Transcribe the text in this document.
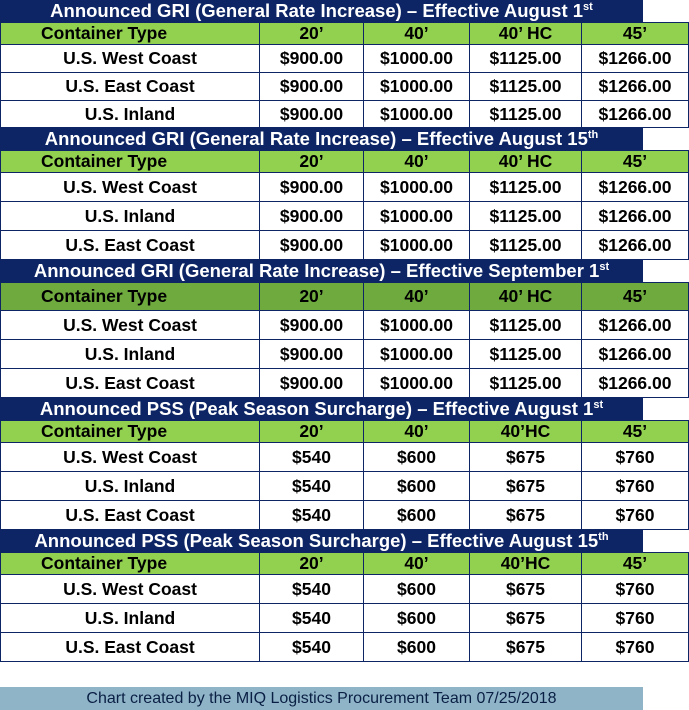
Announced GRI (General Rate Increase) – Effective August 1st
Container Type	20’	40’	40’ HC	45’
U.S. West Coast	$900.00	$1000.00	$1125.00	$1266.00
U.S. East Coast	$900.00	$1000.00	$1125.00	$1266.00
U.S. Inland	$900.00	$1000.00	$1125.00	$1266.00
Announced GRI (General Rate Increase) – Effective August 15th
Container Type	20’	40’	40’ HC	45’
U.S. West Coast	$900.00	$1000.00	$1125.00	$1266.00
U.S. Inland	$900.00	$1000.00	$1125.00	$1266.00
U.S. East Coast	$900.00	$1000.00	$1125.00	$1266.00
Announced GRI (General Rate Increase) – Effective September 1st
Container Type	20’	40’	40’ HC	45’
U.S. West Coast	$900.00	$1000.00	$1125.00	$1266.00
U.S. Inland	$900.00	$1000.00	$1125.00	$1266.00
U.S. East Coast	$900.00	$1000.00	$1125.00	$1266.00
Announced PSS (Peak Season Surcharge) – Effective August 1st
Container Type	20’	40’	40’HC	45’
U.S. West Coast	$540	$600	$675	$760
U.S. Inland	$540	$600	$675	$760
U.S. East Coast	$540	$600	$675	$760
Announced PSS (Peak Season Surcharge) – Effective August 15th
Container Type	20’	40’	40’HC	45’
U.S. West Coast	$540	$600	$675	$760
U.S. Inland	$540	$600	$675	$760
U.S. East Coast	$540	$600	$675	$760
Chart created by the MIQ Logistics Procurement Team 07/25/2018
